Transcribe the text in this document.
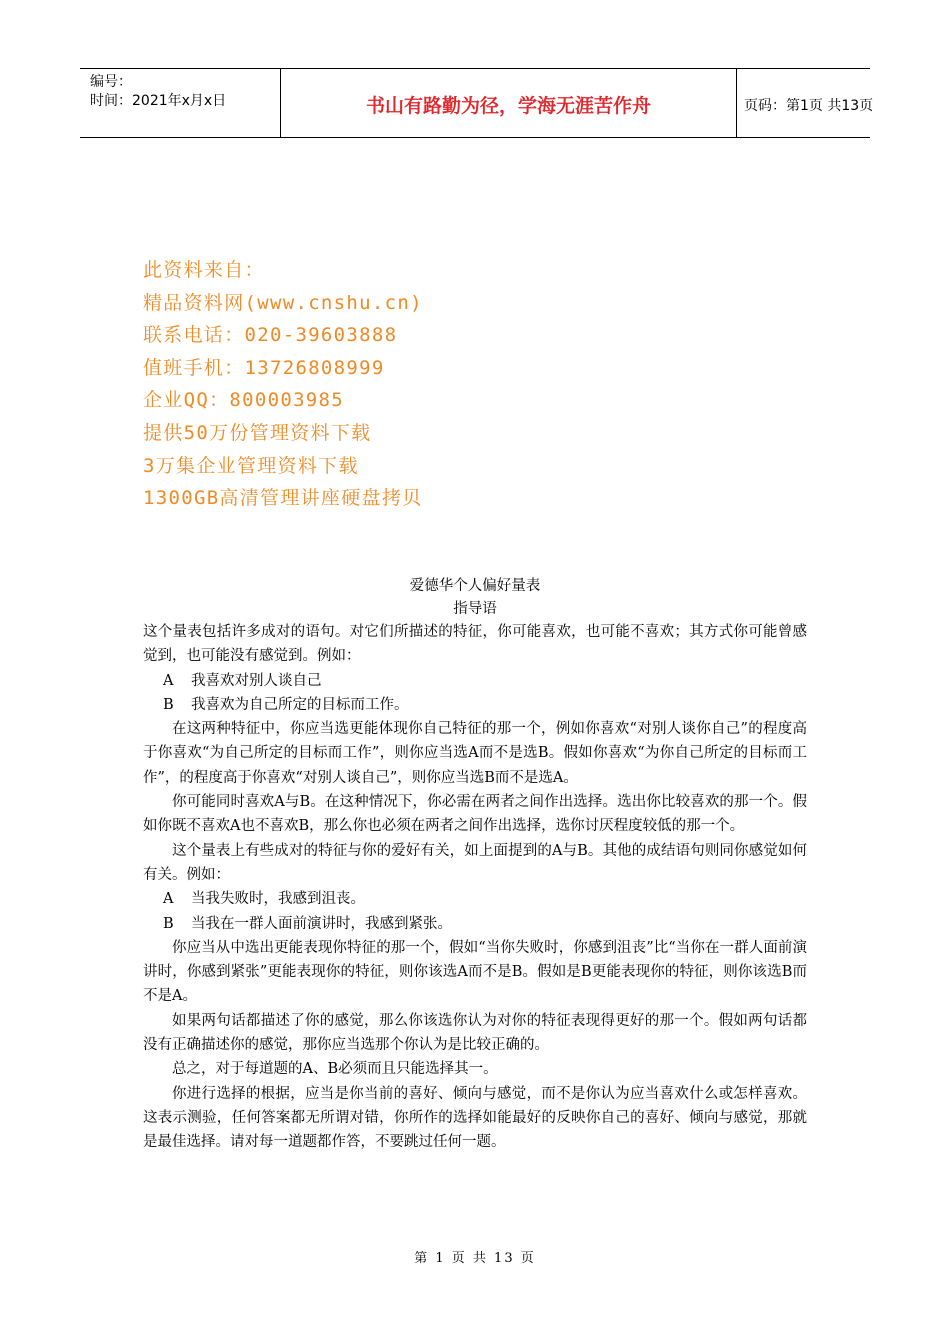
编号：
时间：2021年x月x日	书山有路勤为径，学海无涯苦作舟	页码：第1页 共13页
此资料来自：
精品资料网(www.cnshu.cn)
联系电话：020-39603888
值班手机：13726808999
企业QQ：800003985
提供50万份管理资料下载
3万集企业管理资料下载
1300GB高清管理讲座硬盘拷贝
爱德华个人偏好量表
指导语

这个量表包括许多成对的语句。对它们所描述的特征，你可能喜欢，也可能不喜欢；其方式你可能曾感觉到，也可能没有感觉到。例如：

A 我喜欢对别人谈自己

B 我喜欢为自己所定的目标而工作。

在这两种特征中，你应当选更能体现你自己特征的那一个，例如你喜欢“对别人谈你自己”的程度高于你喜欢“为自己所定的目标而工作”，则你应当选A而不是选B。假如你喜欢“为你自己所定的目标而工作”，的程度高于你喜欢“对别人谈自己”，则你应当选B而不是选A。

你可能同时喜欢A与B。在这种情况下，你必需在两者之间作出选择。选出你比较喜欢的那一个。假如你既不喜欢A也不喜欢B，那么你也必须在两者之间作出选择，选你讨厌程度较低的那一个。

这个量表上有些成对的特征与你的爱好有关，如上面提到的A与B。其他的成结语句则同你感觉如何有关。例如：

A 当我失败时，我感到沮丧。

B 当我在一群人面前演讲时，我感到紧张。

你应当从中选出更能表现你特征的那一个，假如“当你失败时，你感到沮丧”比“当你在一群人面前演讲时，你感到紧张”更能表现你的特征，则你该选A而不是B。假如是B更能表现你的特征，则你该选B而不是A。

如果两句话都描述了你的感觉，那么你该选你认为对你的特征表现得更好的那一个。假如两句话都没有正确描述你的感觉，那你应当选那个你认为是比较正确的。

总之，对于每道题的A、B必须而且只能选择其一。

你进行选择的根据，应当是你当前的喜好、倾向与感觉，而不是你认为应当喜欢什么或怎样喜欢。这表示测验，任何答案都无所谓对错，你所作的选择如能最好的反映你自己的喜好、倾向与感觉，那就是最佳选择。请对每一道题都作答，不要跳过任何一题。

第 1 页 共 13 页
